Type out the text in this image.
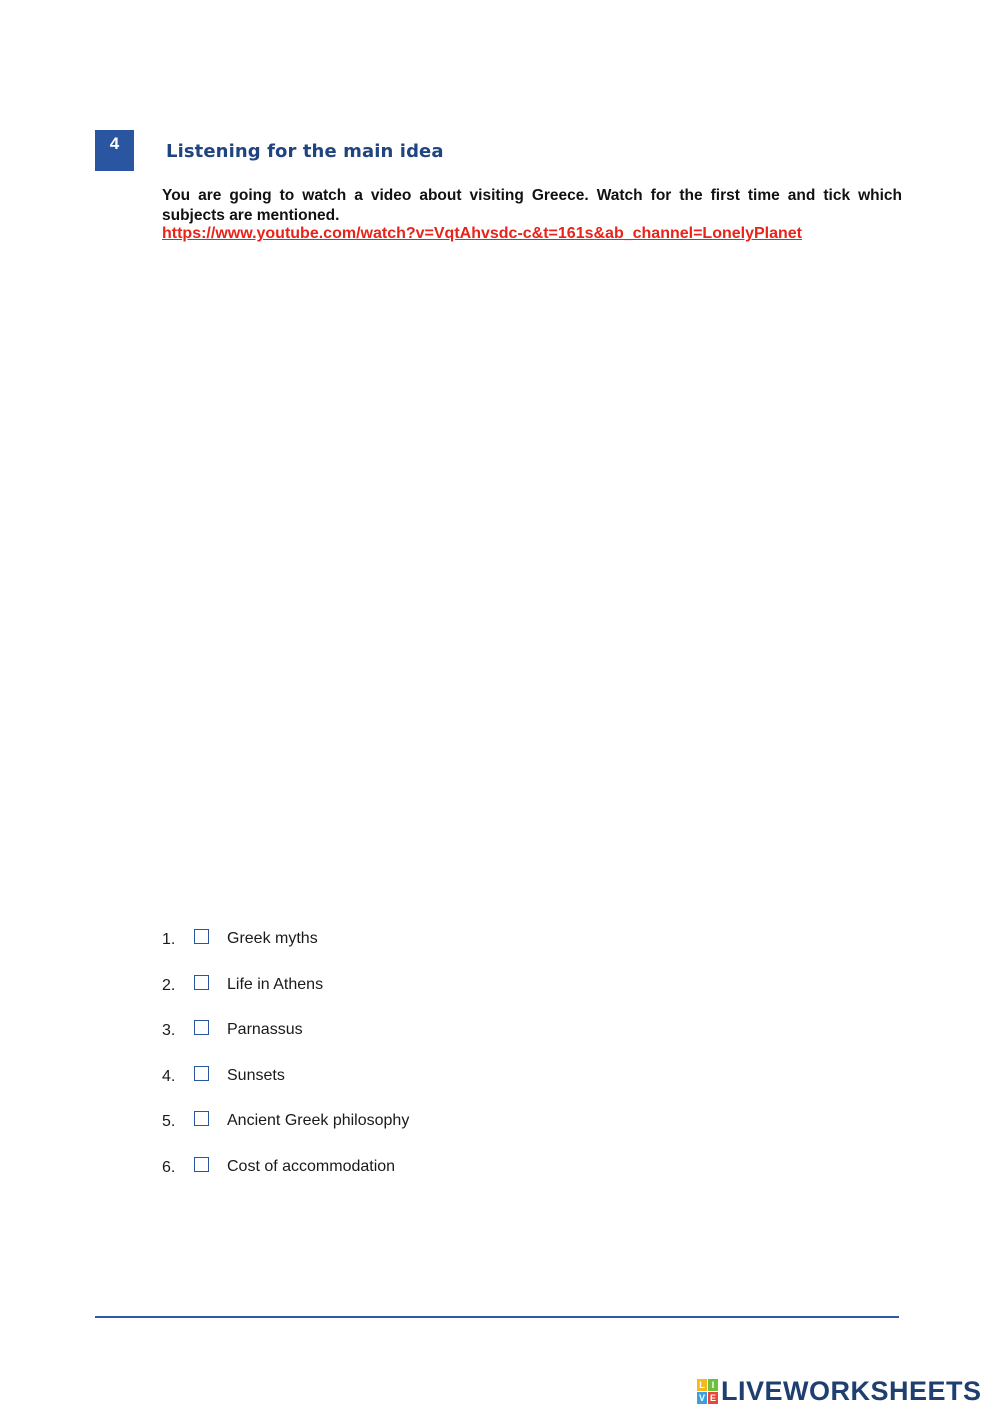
4	Listening for the main idea

You are going to watch a video about visiting Greece. Watch for the first time and tick which subjects are mentioned.

https://www.youtube.com/watch?v=VqtAhvsdc-c&t=161s&ab_channel=LonelyPlanet
1.	Greek myths
2.	Life in Athens
3.	Parnassus
4.	Sunsets
5.	Ancient Greek philosophy
6.	Cost of accommodation
L I
V E LIVEWORKSHEETS
